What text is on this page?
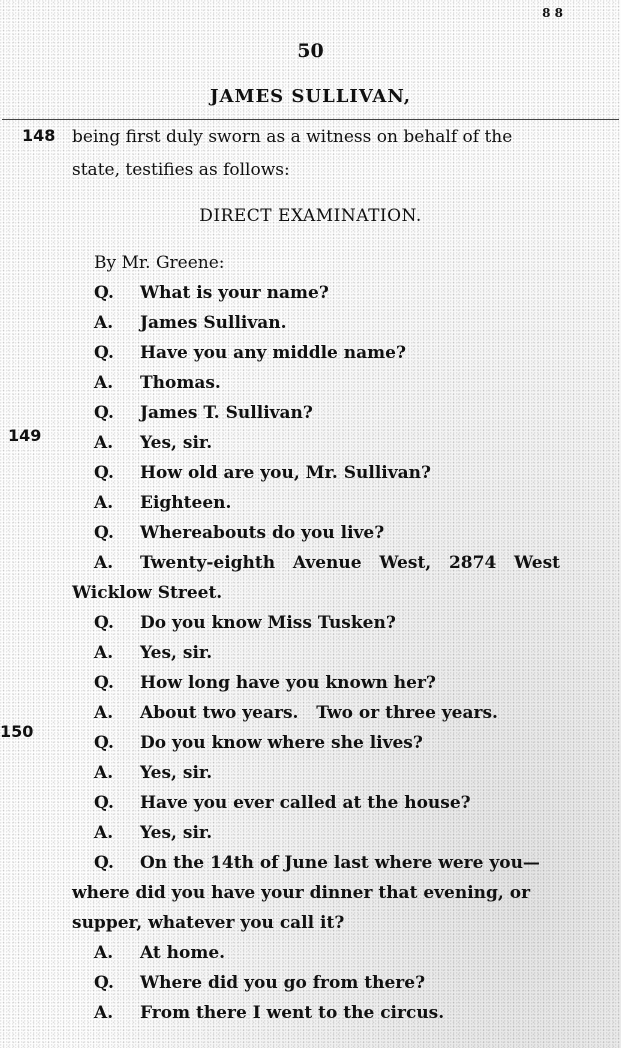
8 8
50
JAMES SULLIVAN,
148
149
150
being first duly sworn as a witness on behalf of the
state, testifies as follows:
DIRECT EXAMINATION.
By Mr. Greene:
Q. What is your name?
A. James Sullivan.
Q. Have you any middle name?
A. Thomas.
Q. James T. Sullivan?
A. Yes, sir.
Q. How old are you, Mr. Sullivan?
A. Eighteen.
Q. Whereabouts do you live?
A. Twenty-eighth   Avenue   West,   2874   West
Wicklow Street.
Q. Do you know Miss Tusken?
A. Yes, sir.
Q. How long have you known her?
A. About two years.   Two or three years.
Q. Do you know where she lives?
A. Yes, sir.
Q. Have you ever called at the house?
A. Yes, sir.
Q. On the 14th of June last where were you—
where did you have your dinner that evening, or
supper, whatever you call it?
A. At home.
Q. Where did you go from there?
A. From there I went to the circus.
